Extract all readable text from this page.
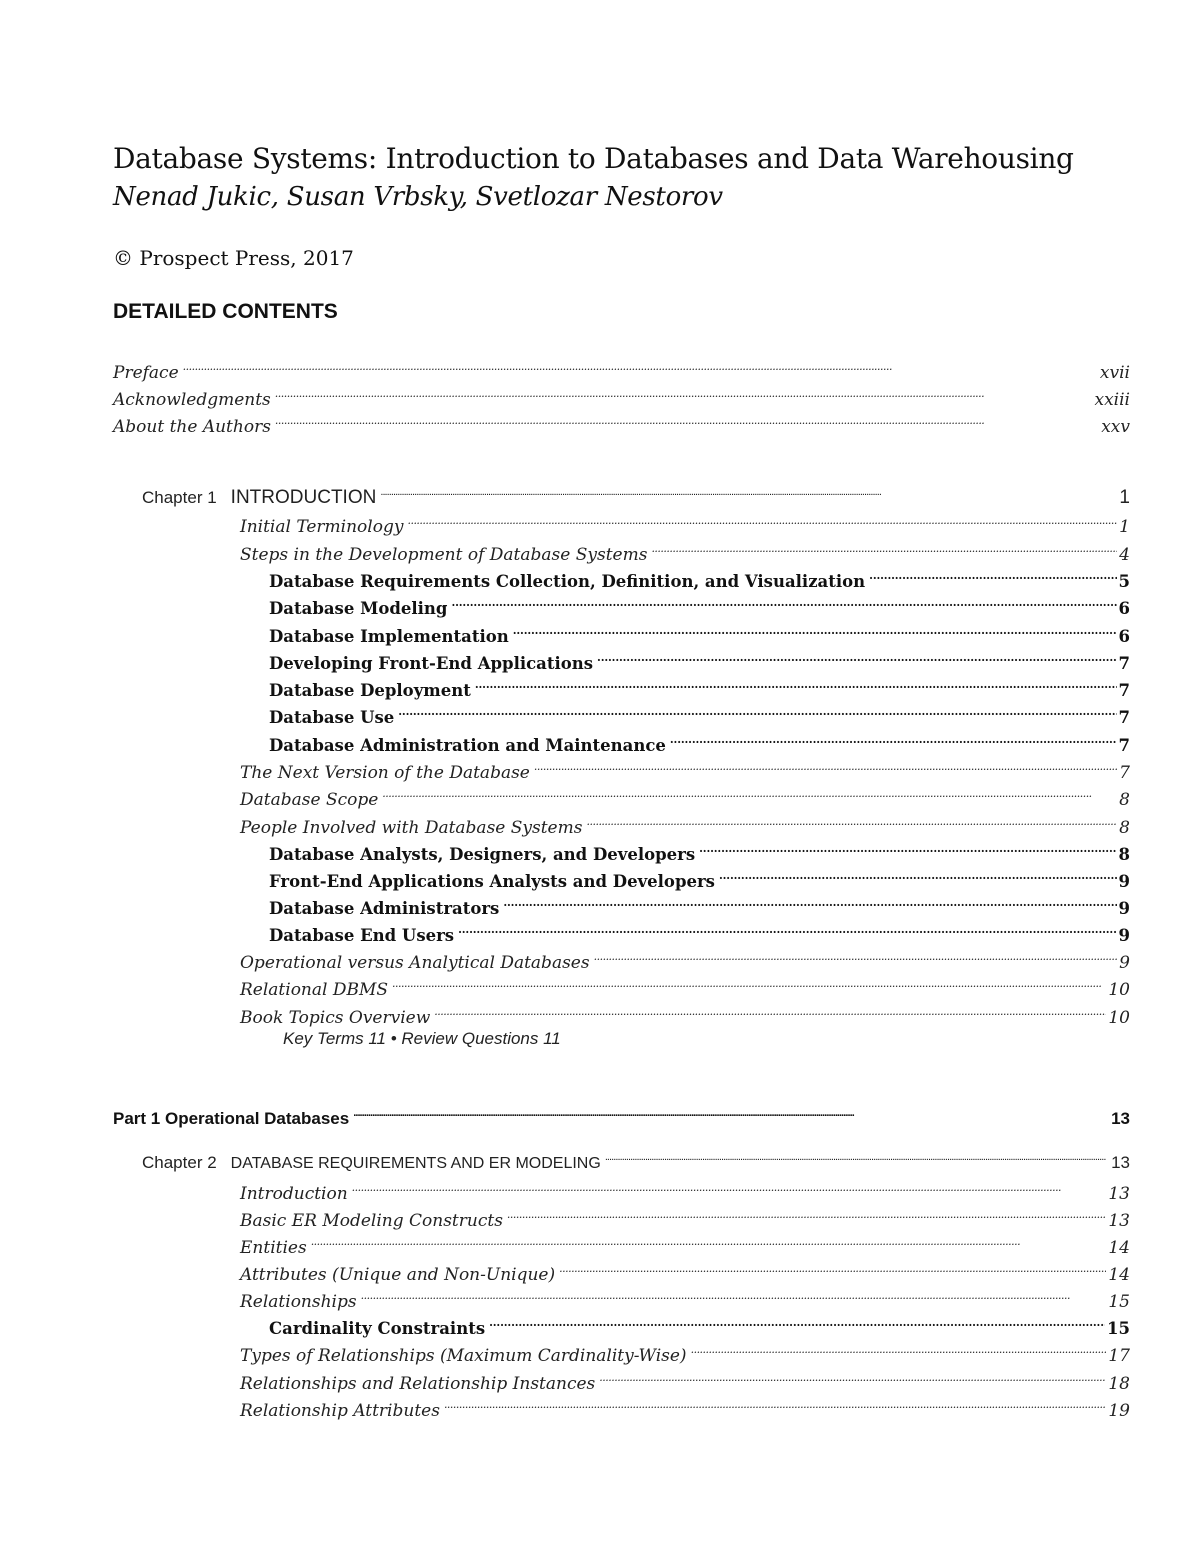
Database Systems: Introduction to Databases and Data Warehousing
Nenad Jukic, Susan Vrbsky, Svetlozar Nestorov
© Prospect Press, 2017
DETAILED CONTENTS
Preface . . .	xvii
Acknowledgments . . .	xxiii
About the Authors . . .	xxv
Chapter 1 INTRODUCTION . . .	1
Initial Terminology . . .	1
Steps in the Development of Database Systems . . .	4
Database Requirements Collection, Definition, and Visualization . . .	5
Database Modeling . . .	6
Database Implementation . . .	6
Developing Front-End Applications . . .	7
Database Deployment . . .	7
Database Use . . .	7
Database Administration and Maintenance . . .	7
The Next Version of the Database . . .	7
Database Scope . . .	8
People Involved with Database Systems . . .	8
Database Analysts, Designers, and Developers . . .	8
Front-End Applications Analysts and Developers . . .	9
Database Administrators . . .	9
Database End Users . . .	9
Operational versus Analytical Databases . . .	9
Relational DBMS . . .	10
Book Topics Overview . . .	10
Key Terms 11 • Review Questions 11
Part 1 Operational Databases . . .	13
Chapter 2 DATABASE REQUIREMENTS AND ER MODELING . . .	13
Introduction . . .	13
Basic ER Modeling Constructs . . .	13
Entities . . .	14
Attributes (Unique and Non-Unique) . . .	14
Relationships . . .	15
Cardinality Constraints . . .	15
Types of Relationships (Maximum Cardinality-Wise) . . .	17
Relationships and Relationship Instances . . .	18
Relationship Attributes . . .	19
